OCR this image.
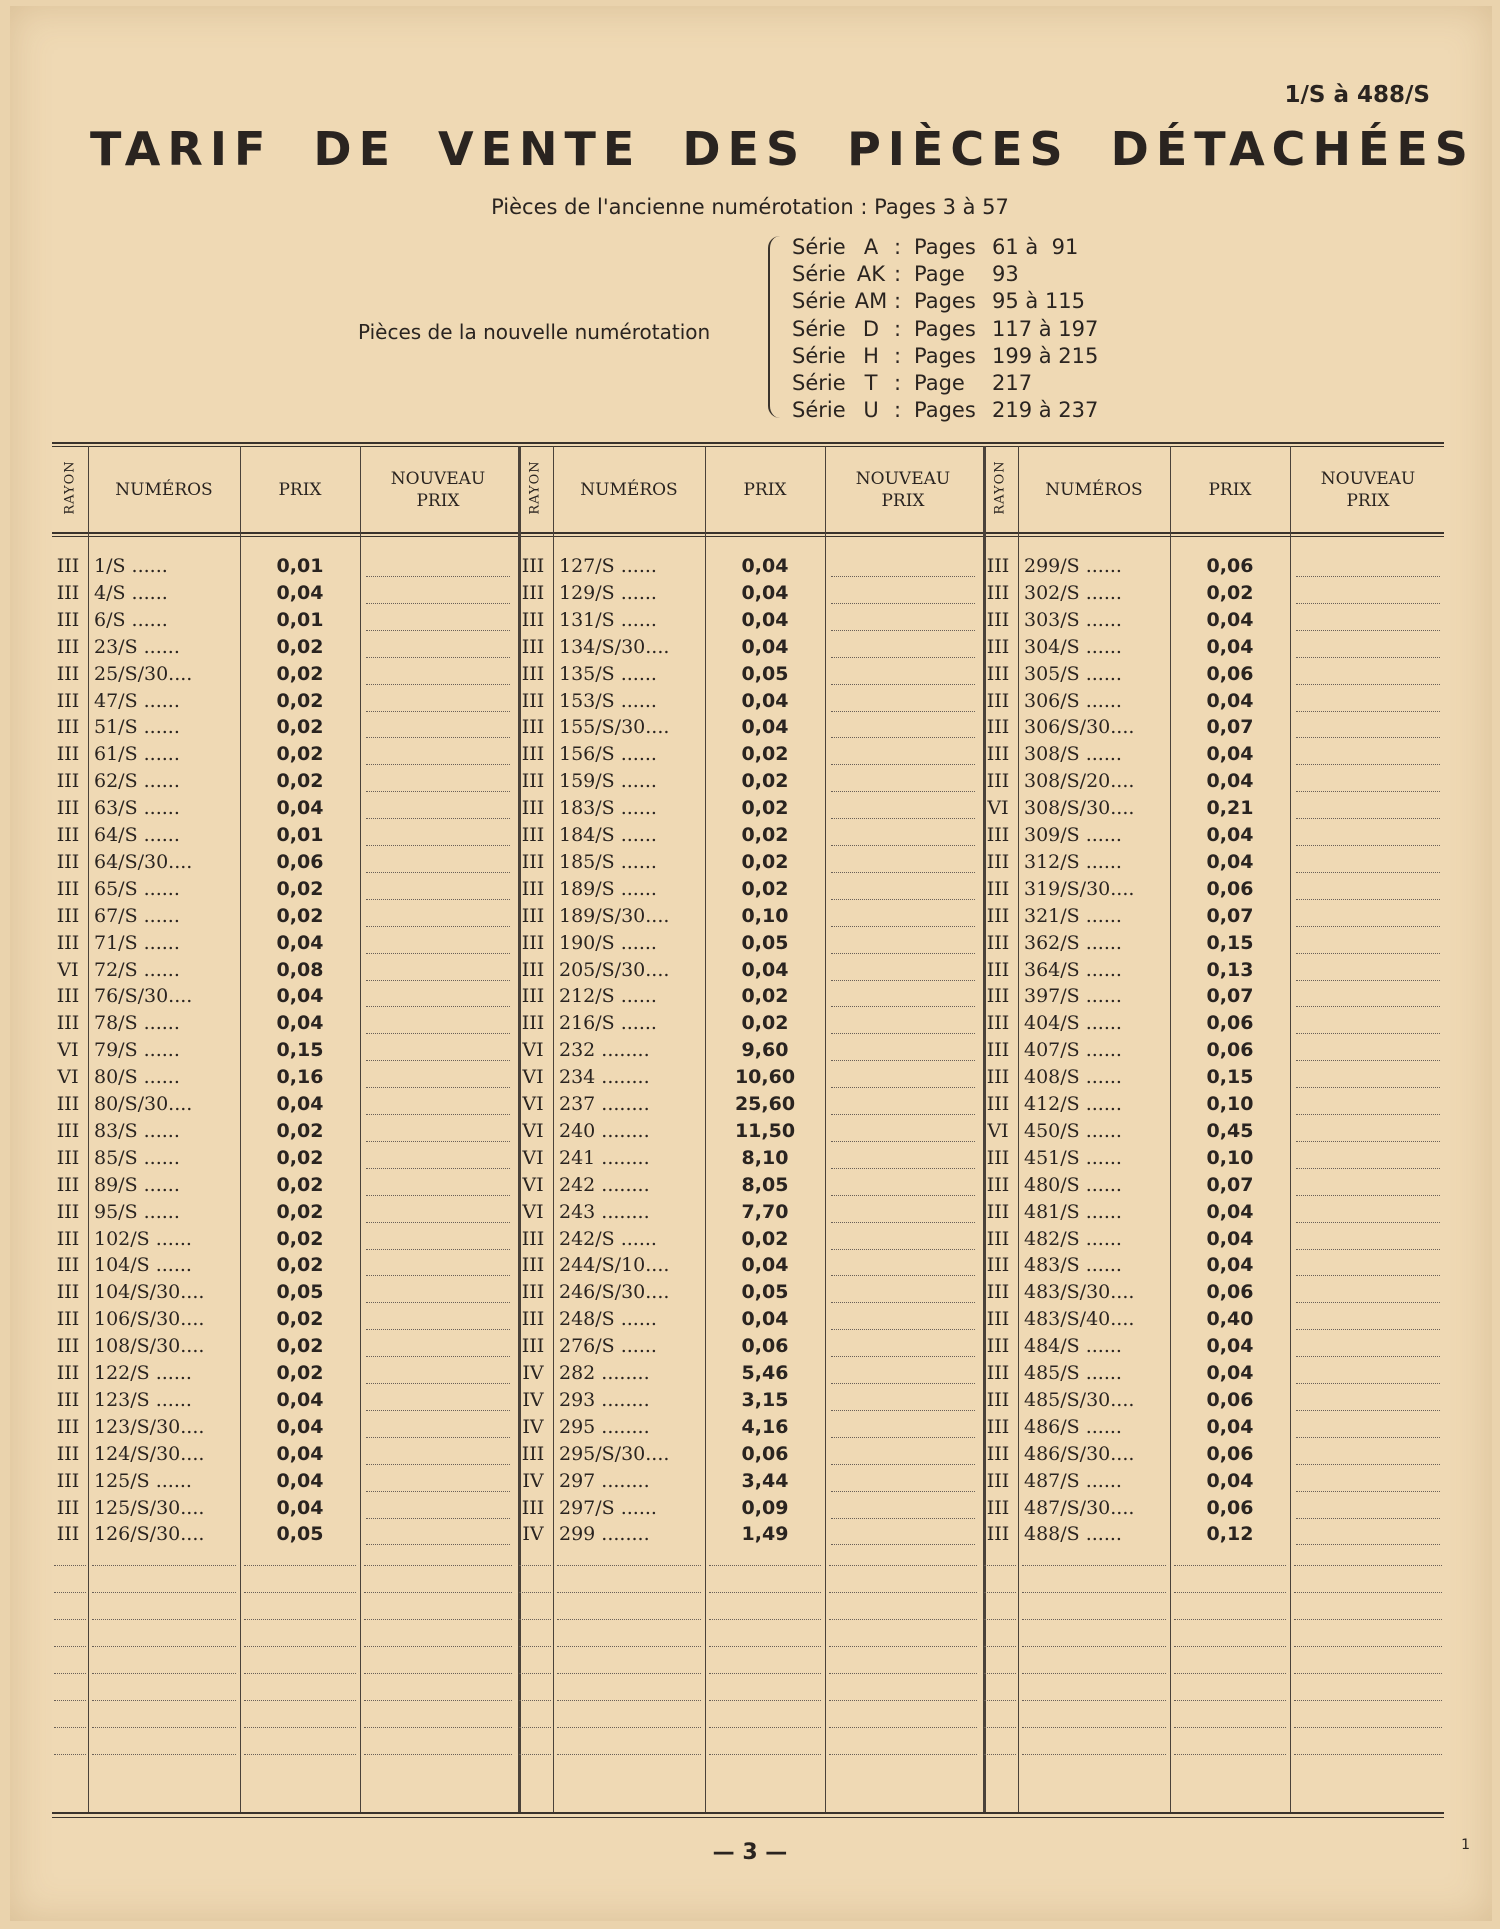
1/S à 488/S
TARIF DE VENTE DES PIÈCES DÉTACHÉES
Pièces de l'ancienne numérotation : Pages 3 à 57
Pièces de la nouvelle numérotation
Série A : Pages 61 à  91
Série AK : Page	93
Série AM : Pages 95 à 115
Série D : Pages 117 à 197
Série H : Pages 199 à 215
Série T : Page	217
Série U : Pages 219 à 237
RAYON	NUMÉROS	PRIX
NOUVEAU PRIX
III 1/S ......	0,01
III 4/S ......	0,04
III 6/S ......	0,01
III 23/S ......	0,02
III 25/S/30....	0,02
III 47/S ......	0,02
III 51/S ......	0,02
III 61/S ......	0,02
III 62/S ......	0,02
III 63/S ......	0,04
III 64/S ......	0,01
III 64/S/30....	0,06
III 65/S ......	0,02
III 67/S ......	0,02
III 71/S ......	0,04
VI 72/S ......	0,08
III 76/S/30....	0,04
III 78/S ......	0,04
VI 79/S ......	0,15
VI 80/S ......	0,16
III 80/S/30....	0,04
III 83/S ......	0,02
III 85/S ......	0,02
III 89/S ......	0,02
III 95/S ......	0,02
III 102/S ......	0,02
III 104/S ......	0,02
III 104/S/30....	0,05
III 106/S/30....	0,02
III 108/S/30....	0,02
III 122/S ......	0,02
III 123/S ......	0,04
III 123/S/30....	0,04
III 124/S/30....	0,04
III 125/S ......	0,04
III 125/S/30....	0,04
III 126/S/30....	0,05
RAYON	NUMÉROS	PRIX
NOUVEAU PRIX
III 127/S ......	0,04
III 129/S ......	0,04
III 131/S ......	0,04
III 134/S/30....	0,04
III 135/S ......	0,05
III 153/S ......	0,04
III 155/S/30....	0,04
III 156/S ......	0,02
III 159/S ......	0,02
III 183/S ......	0,02
III 184/S ......	0,02
III 185/S ......	0,02
III 189/S ......	0,02
III 189/S/30....	0,10
III 190/S ......	0,05
III 205/S/30....	0,04
III 212/S ......	0,02
III 216/S ......	0,02
VI 232 ........	9,60
VI 234 ........	10,60
VI 237 ........	25,60
VI 240 ........	11,50
VI 241 ........	8,10
VI 242 ........	8,05
VI 243 ........	7,70
III 242/S ......	0,02
III 244/S/10....	0,04
III 246/S/30....	0,05
III 248/S ......	0,04
III 276/S ......	0,06
IV 282 ........	5,46
IV 293 ........	3,15
IV 295 ........	4,16
III 295/S/30....	0,06
IV 297 ........	3,44
III 297/S ......	0,09
IV 299 ........	1,49
RAYON	NUMÉROS	PRIX
NOUVEAU PRIX
III 299/S ......	0,06
III 302/S ......	0,02
III 303/S ......	0,04
III 304/S ......	0,04
III 305/S ......	0,06
III 306/S ......	0,04
III 306/S/30....	0,07
III 308/S ......	0,04
III 308/S/20....	0,04
VI 308/S/30....	0,21
III 309/S ......	0,04
III 312/S ......	0,04
III 319/S/30....	0,06
III 321/S ......	0,07
III 362/S ......	0,15
III 364/S ......	0,13
III 397/S ......	0,07
III 404/S ......	0,06
III 407/S ......	0,06
III 408/S ......	0,15
III 412/S ......	0,10
VI 450/S ......	0,45
III 451/S ......	0,10
III 480/S ......	0,07
III 481/S ......	0,04
III 482/S ......	0,04
III 483/S ......	0,04
III 483/S/30....	0,06
III 483/S/40....	0,40
III 484/S ......	0,04
III 485/S ......	0,04
III 485/S/30....	0,06
III 486/S ......	0,04
III 486/S/30....	0,06
III 487/S ......	0,04
III 487/S/30....	0,06
III 488/S ......	0,12
— 3 —	1
